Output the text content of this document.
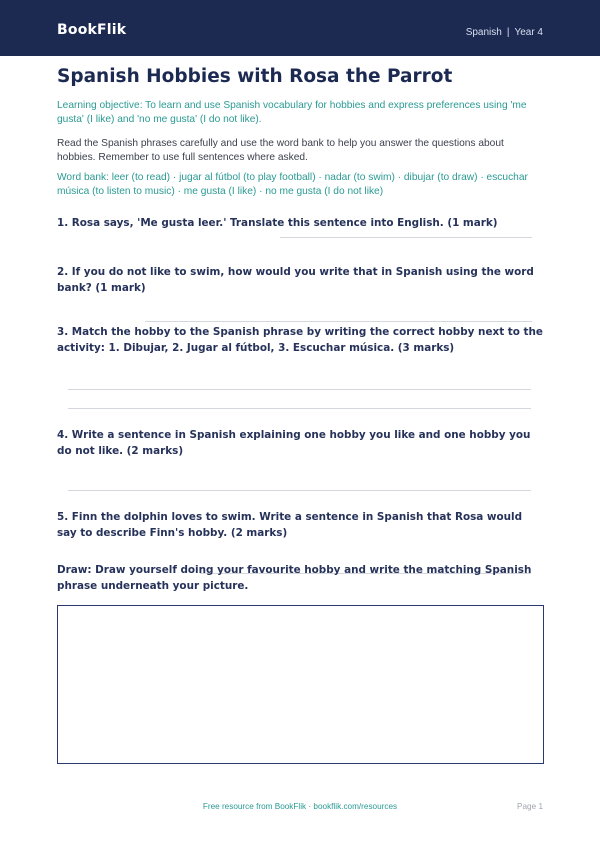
BookFlik	Spanish | Year 4
Spanish Hobbies with Rosa the Parrot
Learning objective: To learn and use Spanish vocabulary for hobbies and express preferences using 'me gusta' (I like) and 'no me gusta' (I do not like).
Read the Spanish phrases carefully and use the word bank to help you answer the questions about hobbies. Remember to use full sentences where asked.
Word bank: leer (to read) · jugar al fútbol (to play football) · nadar (to swim) · dibujar (to draw) · escuchar música (to listen to music) · me gusta (I like) · no me gusta (I do not like)
1. Rosa says, 'Me gusta leer.' Translate this sentence into English. (1 mark)
2. If you do not like to swim, how would you write that in Spanish using the word bank? (1 mark)
3. Match the hobby to the Spanish phrase by writing the correct hobby next to the activity: 1. Dibujar, 2. Jugar al fútbol, 3. Escuchar música. (3 marks)
4. Write a sentence in Spanish explaining one hobby you like and one hobby you do not like. (2 marks)
5. Finn the dolphin loves to swim. Write a sentence in Spanish that Rosa would say to describe Finn's hobby. (2 marks)
Draw: Draw yourself doing your favourite hobby and write the matching Spanish phrase underneath your picture.
Free resource from BookFlik · bookflik.com/resources	Page 1
